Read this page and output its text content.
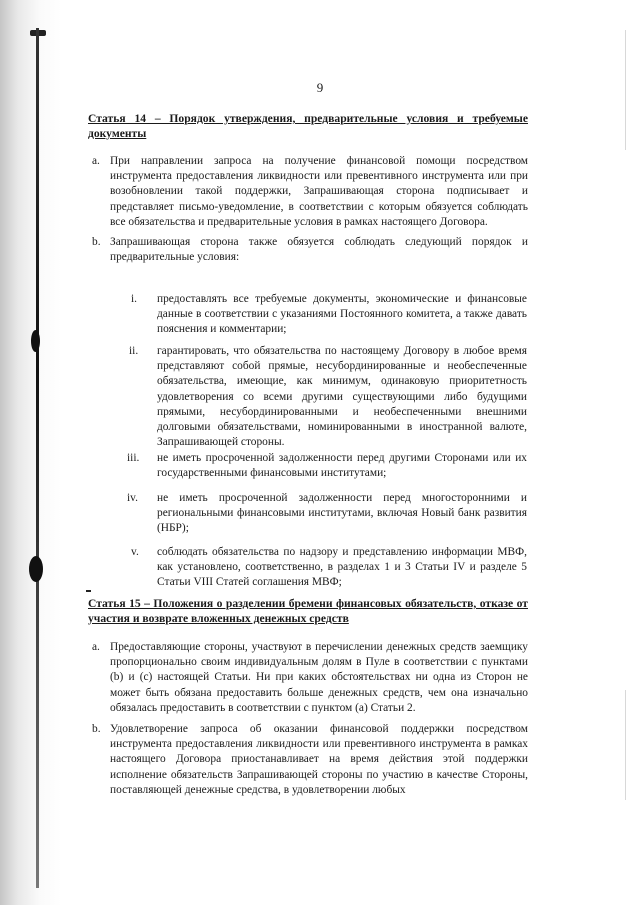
9
Статья 14 – Порядок утверждения, предварительные условия и требуемые документы
a. При направлении запроса на получение финансовой помощи посредством инструмента предоставления ликвидности или превентивного инструмента или при возобновлении такой поддержки, Запрашивающая сторона подписывает и представляет письмо-уведомление, в соответствии с которым обязуется соблюдать все обязательства и предварительные условия в рамках настоящего Договора.
b. Запрашивающая сторона также обязуется соблюдать следующий порядок и предварительные условия:
i. предоставлять все требуемые документы, экономические и финансовые данные в соответствии с указаниями Постоянного комитета, а также давать пояснения и комментарии;
ii. гарантировать, что обязательства по настоящему Договору в любое время представляют собой прямые, несубординированные и необеспеченные обязательства, имеющие, как минимум, одинаковую приоритетность удовлетворения со всеми другими существующими либо будущими прямыми, несубординированными и необеспеченными внешними долговыми обязательствами, номинированными в иностранной валюте, Запрашивающей стороны.
iii. не иметь просроченной задолженности перед другими Сторонами или их государственными финансовыми институтами;
iv. не иметь просроченной задолженности перед многосторонними и региональными финансовыми институтами, включая Новый банк развития (НБР);
v. соблюдать обязательства по надзору и представлению информации МВФ, как установлено, соответственно, в разделах 1 и 3 Статьи IV и разделе 5 Статьи VIII Статей соглашения МВФ;
Статья 15 – Положения о разделении бремени финансовых обязательств, отказе от участия и возврате вложенных денежных средств
a. Предоставляющие стороны, участвуют в перечислении денежных средств заемщику пропорционально своим индивидуальным долям в Пуле в соответствии с пунктами (b) и (с) настоящей Статьи. Ни при каких обстоятельствах ни одна из Сторон не может быть обязана предоставить больше денежных средств, чем она изначально обязалась предоставить в соответствии с пунктом (а) Статьи 2.
b. Удовлетворение запроса об оказании финансовой поддержки посредством инструмента предоставления ликвидности или превентивного инструмента в рамках настоящего Договора приостанавливает на время действия этой поддержки исполнение обязательств Запрашивающей стороны по участию в качестве Стороны, поставляющей денежные средства, в удовлетворении любых
